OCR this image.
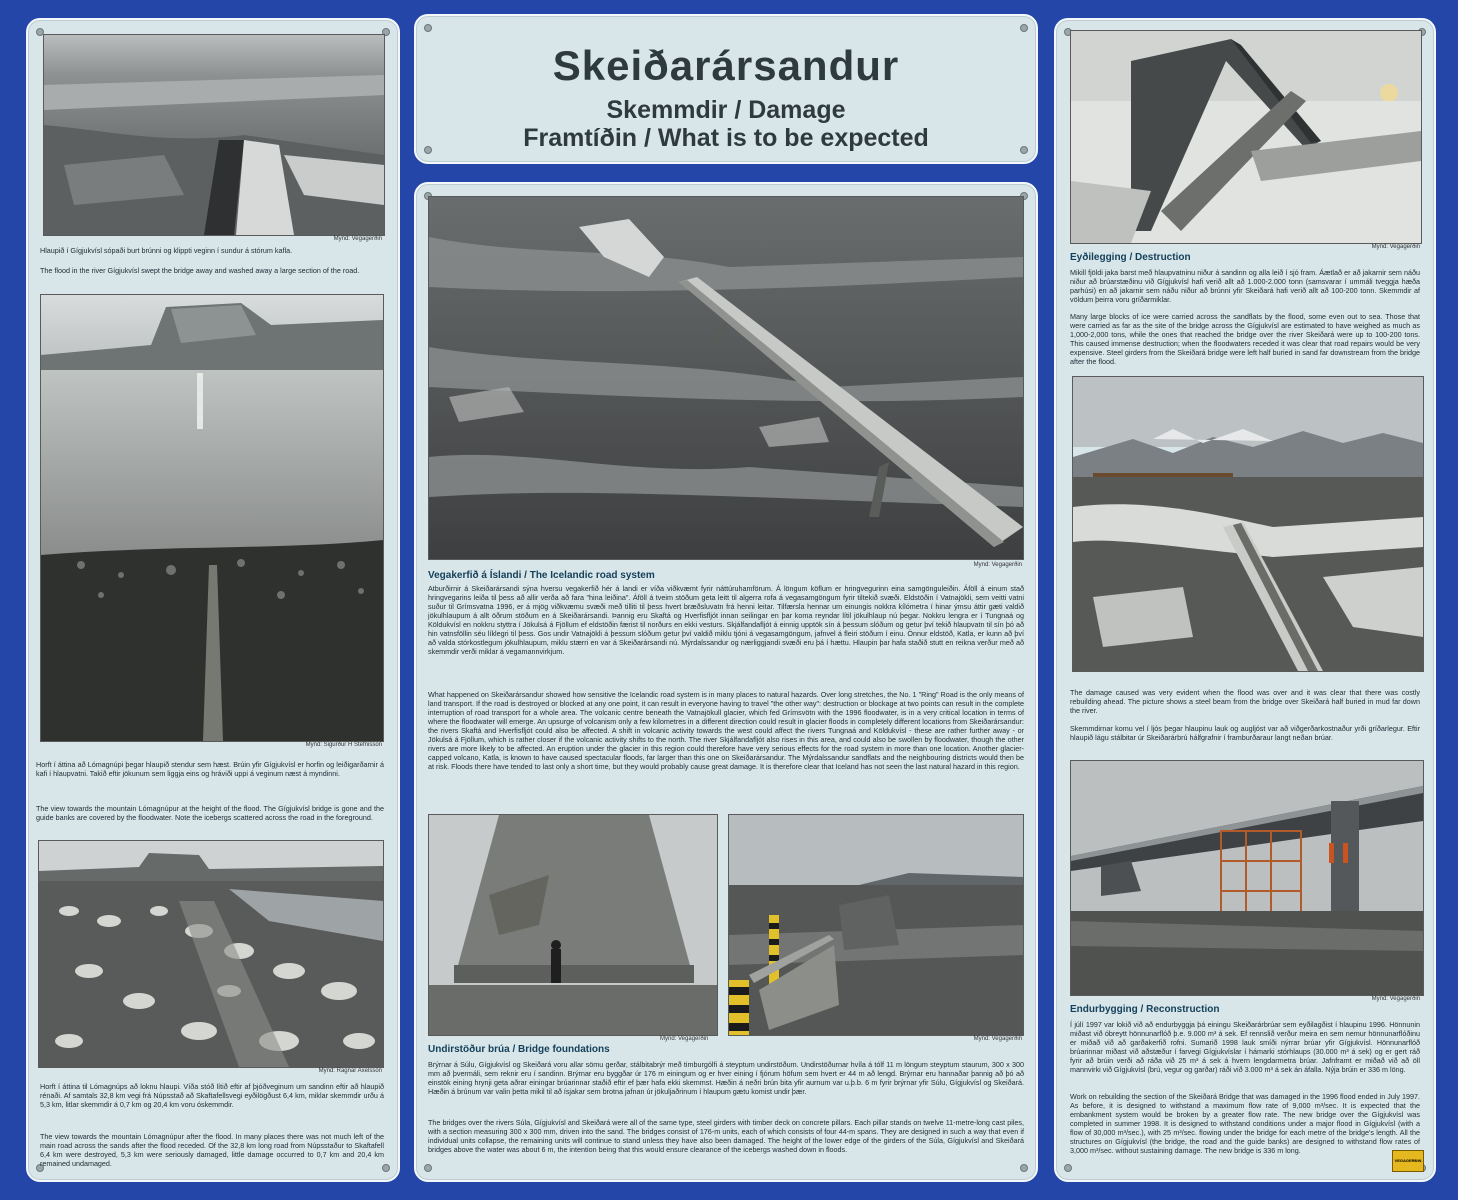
Mynd: Vegagerðin
Hlaupið í Gígjukvísl sópaði burt brúnni og klippti veginn í sundur á stórum kafla.
The flood in the river Gígjukvísl swept the bridge away and washed away a large section of the road.
Mynd: Sigurður H Stefnisson
Horft í áttina að Lómagnúpi þegar hlaupið stendur sem hæst. Brúin yfir Gígjukvísl er horfin og leiðigarðarnir á kafi í hlaupvatni. Takið eftir jökunum sem liggja eins og hráviði uppi á veginum næst á myndinni.
The view towards the mountain Lómagnúpur at the height of the flood. The Gígjukvísl bridge is gone and the guide banks are covered by the floodwater. Note the icebergs scattered across the road in the foreground.
Mynd: Ragnar Axelsson
Horft í áttina til Lómagnúps að loknu hlaupi. Víða stóð lítið eftir af þjóðveginum um sandinn eftir að hlaupið rénaði. Af samtals 32,8 km vegi frá Núpsstað að Skaftafellsvegi eyðilögðust 6,4 km, miklar skemmdir urðu á 5,3 km, litlar skemmdir á 0,7 km og 20,4 km voru óskemmdir.
The view towards the mountain Lómagnúpur after the flood. In many places there was not much left of the main road across the sands after the flood receded. Of the 32,8 km long road from Núpsstaður to Skaftafell 6,4 km were destroyed, 5,3 km were seriously damaged, little damage occurred to 0,7 km and 20,4 km remained undamaged.
Skeiðarársandur
Skemmdir / Damage
Framtíðin / What is to be expected
Mynd: Vegagerðin
Vegakerfið á Íslandi / The Icelandic road system
Atburðirnir á Skeiðarársandi sýna hversu vegakerfið hér á landi er víða viðkvæmt fyrir náttúruhamförum. Á löngum köflum er hringvegurinn eina samgönguleiðin. Áföll á einum stað hringvegarins leiða til þess að allir verða að fara "hina leiðina". Áföll á tveim stöðum geta leitt til algerra rofa á vegasamgöngum fyrir tiltekið svæði. Eldstöðin í Vatnajökli, sem veitti vatni suður til Grímsvatna 1996, er á mjög viðkvæmu svæði með tilliti til þess hvert bræðsluvatn frá henni leitar. Tilfærsla hennar um einungis nokkra kílómetra í hinar ýmsu áttir gæti valdið jökulhlaupum á allt öðrum stöðum en á Skeiðarársandi. Þannig eru Skaftá og Hverfisfljót innan seilingar en þar koma reyndar lítil jökulhlaup nú þegar. Nokkru lengra er í Tungnaá og Köldukvísl en nokkru styttra í Jökulsá á Fjöllum ef eldstöðin færist til norðurs en ekki vesturs. Skjálfandafljót á einnig upptök sín á þessum slóðum og getur því tekið hlaupvatn til sín þó að hin vatnsföllin séu líklegri til þess. Gos undir Vatnajökli á þessum slóðum getur því valdið miklu tjóni á vegasamgöngum, jafnvel á fleiri stöðum í einu. Önnur eldstöð, Katla, er kunn að því að valda stórkostlegum jökulhlaupum, miklu stærri en var á Skeiðarársandi nú. Mýrdalssandur og nærliggjandi svæði eru þá í hættu. Hlaupin þar hafa staðið stutt en reikna verður með að skemmdir verði miklar á vegamannvirkjum.
What happened on Skeiðarársandur showed how sensitive the Icelandic road system is in many places to natural hazards. Over long stretches, the No. 1 "Ring" Road is the only means of land transport. If the road is destroyed or blocked at any one point, it can result in everyone having to travel "the other way": destruction or blockage at two points can result in the complete interruption of road transport for a whole area. The volcanic centre beneath the Vatnajökull glacier, which fed Grímsvötn with the 1996 floodwater, is in a very critical location in terms of where the floodwater will emerge. An upsurge of volcanism only a few kilometres in a different direction could result in glacier floods in completely different locations from Skeiðarársandur: the rivers Skaftá and Hverfisfljót could also be affected. A shift in volcanic activity towards the west could affect the rivers Tungnaá and Köldukvísl - these are rather further away - or Jökulsá á Fjöllum, which is rather closer if the volcanic activity shifts to the north. The river Skjálfandafljót also rises in this area, and could also be swollen by floodwater, though the other rivers are more likely to be affected. An eruption under the glacier in this region could therefore have very serious effects for the road system in more than one location. Another glacier-capped volcano, Katla, is known to have caused spectacular floods, far larger than this one on Skeiðarársandur. The Mýrdalssandur sandflats and the neighbouring districts would then be at risk. Floods there have tended to last only a short time, but they would probably cause great damage. It is therefore clear that Iceland has not seen the last natural hazard in this region.
Mynd: Vegagerðin	Mynd: Vegagerðin
Undirstöður brúa / Bridge foundations
Brýrnar á Súlu, Gígjukvísl og Skeiðará voru allar sömu gerðar, stálbitabrýr með timburgólfi á steyptum undirstöðum. Undirstöðurnar hvíla á tólf 11 m löngum steyptum staurum, 300 x 300 mm að þvermáli, sem reknir eru í sandinn. Brýrnar eru byggðar úr 176 m einingum og er hver eining í fjórum höfum sem hvert er 44 m að lengd. Brýrnar eru hannaðar þannig að þó að einstök eining hrynji geta aðrar einingar brúarinnar staðið eftir ef þær hafa ekki skemmst. Hæðin á neðri brún bita yfir aurnum var u.þ.b. 6 m fyrir brýrnar yfir Súlu, Gígjukvísl og Skeiðará. Hæðin á brúnum var valin þetta mikil til að ísjakar sem brotna jafnan úr jökuljaðrinum í hlaupum gætu komist undir þær.
The bridges over the rivers Súla, Gígjukvísl and Skeiðará were all of the same type, steel girders with timber deck on concrete pillars. Each pillar stands on twelve 11-metre-long cast piles, with a section measuring 300 x 300 mm, driven into the sand. The bridges consist of 176-m units, each of which consists of four 44-m spans. They are designed in such a way that even if individual units collapse, the remaining units will continue to stand unless they have also been damaged. The height of the lower edge of the girders of the Súla, Gígjukvísl and Skeiðará bridges above the water was about 6 m, the intention being that this would ensure clearance of the icebergs washed down in floods.
Mynd: Vegagerðin
Eyðilegging / Destruction
Mikill fjöldi jaka barst með hlaupvatninu niður á sandinn og alla leið í sjó fram. Áætlað er að jakarnir sem náðu niður að brúarstæðinu við Gígjukvísl hafi verið allt að 1.000-2.000 tonn (samsvarar í ummáli tveggja hæða parhúsi) en að jakarnir sem náðu niður að brúnni yfir Skeiðará hafi verið allt að 100-200 tonn. Skemmdir af völdum þeirra voru gríðarmiklar.
Many large blocks of ice were carried across the sandflats by the flood, some even out to sea. Those that were carried as far as the site of the bridge across the Gígjukvísl are estimated to have weighed as much as 1,000-2,000 tons, while the ones that reached the bridge over the river Skeiðará were up to 100-200 tons. This caused immense destruction; when the floodwaters receded it was clear that road repairs would be very expensive. Steel girders from the Skeiðará bridge were left half buried in sand far downstream from the bridge after the flood.
The damage caused was very evident when the flood was over and it was clear that there was costly rebuilding ahead. The picture shows a steel beam from the bridge over Skeiðará half buried in mud far down the river.
Skemmdirnar komu vel í ljós þegar hlaupinu lauk og augljóst var að viðgerðarkostnaður yrði gríðarlegur. Eftir hlaupið lágu stálbitar úr Skeiðarárbrú hálfgrafnir í framburðaraur langt neðan brúar.
Mynd: Vegagerðin
Endurbygging / Reconstruction
Í júlí 1997 var lokið við að endurbyggja þá einingu Skeiðarárbrúar sem eyðilagðist í hlaupinu 1996. Hönnunin miðast við óbreytt hönnunarflóð þ.e. 9.000 m³ á sek. Ef rennslið verður meira en sem nemur hönnunarflóðinu er miðað við að garðakerfið rofni. Sumarið 1998 lauk smíði nýrrar brúar yfir Gígjukvísl. Hönnunarflóð brúarinnar miðast við aðstæður í farvegi Gígjukvíslar í hámarki stórhlaups (30.000 m³ á sek) og er gert ráð fyrir að brúin verði að ráða við 25 m³ á sek á hvern lengdarmetra brúar. Jafnframt er miðað við að öll mannvirki við Gígjukvísl (brú, vegur og garðar) ráði við 3.000 m³ á sek án áfalla. Nýja brúin er 336 m löng.
Work on rebuilding the section of the Skeiðará Bridge that was damaged in the 1996 flood ended in July 1997. As before, it is designed to withstand a maximum flow rate of 9,000 m³/sec. It is expected that the embankment system would be broken by a greater flow rate. The new bridge over the Gígjukvísl was completed in summer 1998. It is designed to withstand conditions under a major flood in Gígjukvísl (with a flow of 30,000 m³/sec.), with 25 m³/sec. flowing under the bridge for each metre of the bridge's length. All the structures on Gígjukvísl (the bridge, the road and the guide banks) are designed to withstand flow rates of 3,000 m³/sec. without sustaining damage. The new bridge is 336 m long.
VEGAGERÐIN
